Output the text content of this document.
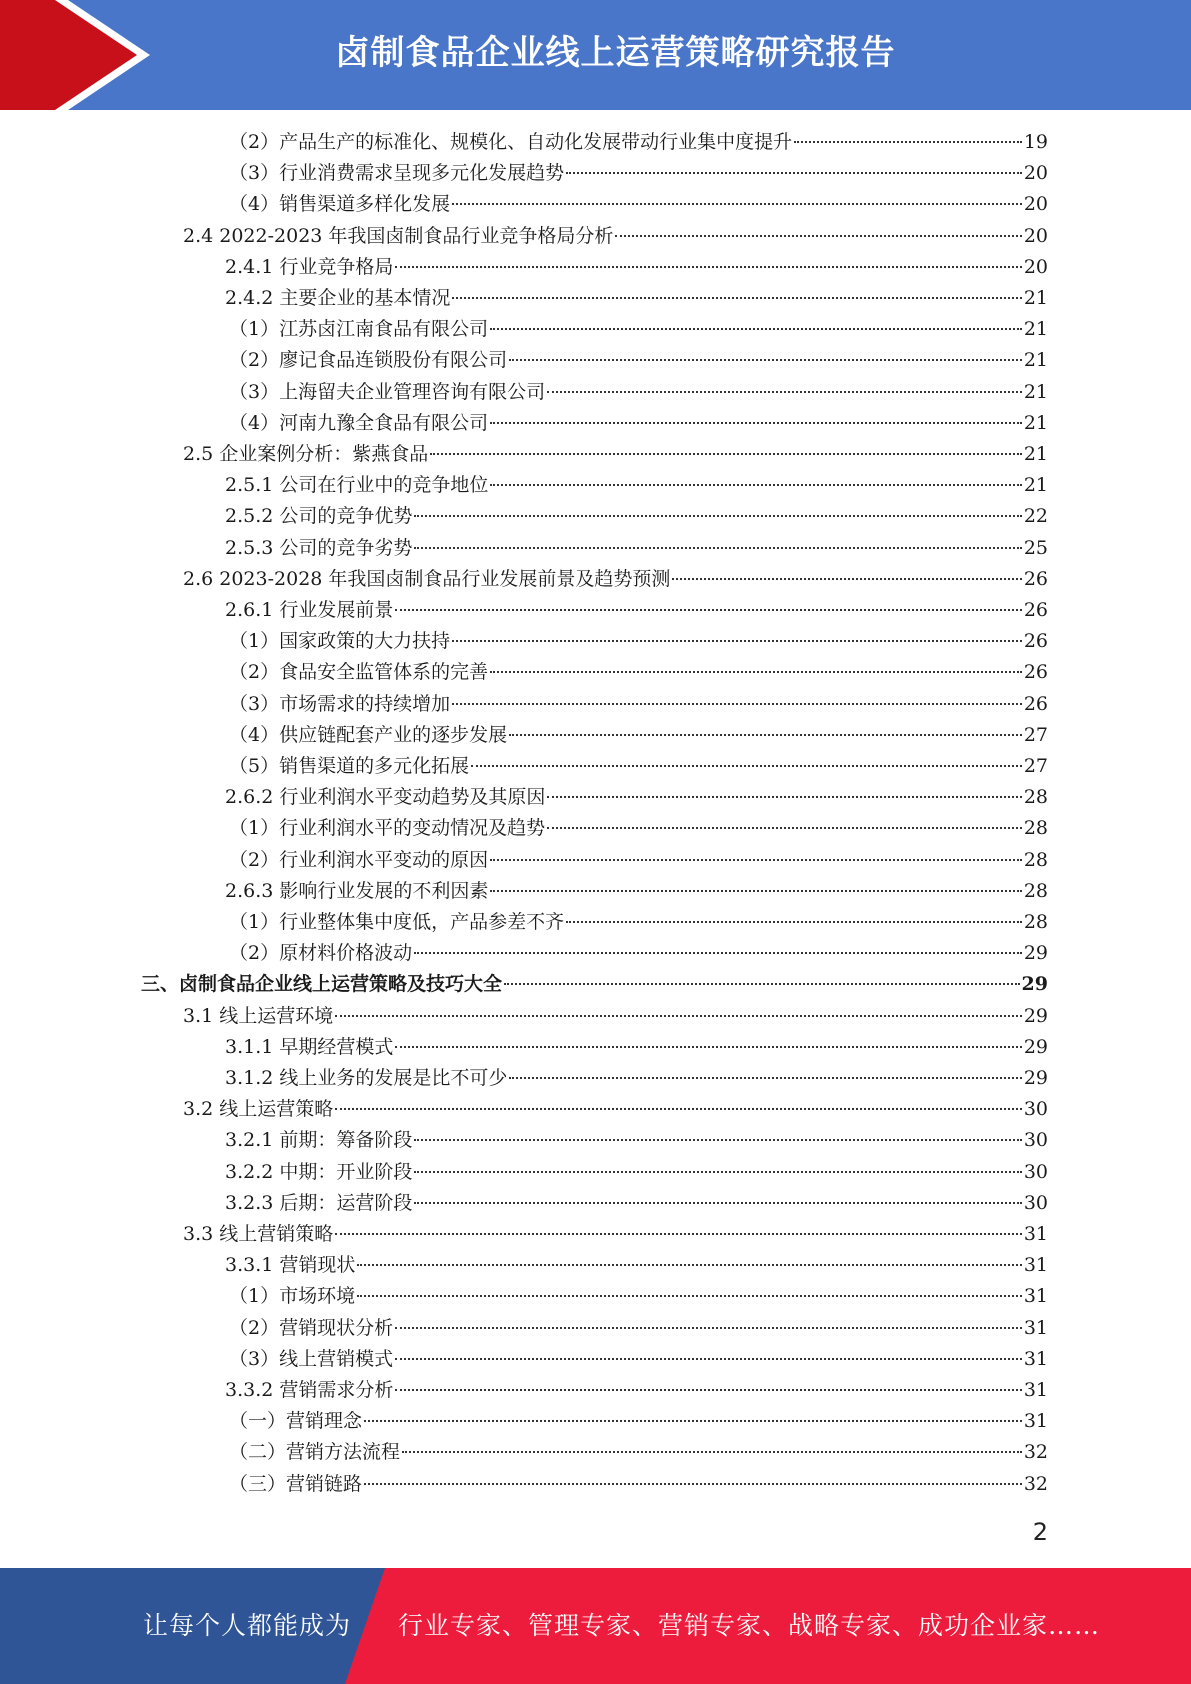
卤制食品企业线上运营策略研究报告
（2）产品生产的标准化、规模化、自动化发展带动行业集中度提升	19
（3）行业消费需求呈现多元化发展趋势	20
（4）销售渠道多样化发展	20
2.4 2022-2023 年我国卤制食品行业竞争格局分析	20
2.4.1 行业竞争格局	20
2.4.2 主要企业的基本情况	21
（1）江苏卤江南食品有限公司	21
（2）廖记食品连锁股份有限公司	21
（3）上海留夫企业管理咨询有限公司	21
（4）河南九豫全食品有限公司	21
2.5 企业案例分析：紫燕食品	21
2.5.1 公司在行业中的竞争地位	21
2.5.2 公司的竞争优势	22
2.5.3 公司的竞争劣势	25
2.6 2023-2028 年我国卤制食品行业发展前景及趋势预测	26
2.6.1 行业发展前景	26
（1）国家政策的大力扶持	26
（2）食品安全监管体系的完善	26
（3）市场需求的持续增加	26
（4）供应链配套产业的逐步发展	27
（5）销售渠道的多元化拓展	27
2.6.2 行业利润水平变动趋势及其原因	28
（1）行业利润水平的变动情况及趋势	28
（2）行业利润水平变动的原因	28
2.6.3 影响行业发展的不利因素	28
（1）行业整体集中度低，产品参差不齐	28
（2）原材料价格波动	29
三、卤制食品企业线上运营策略及技巧大全	29
3.1 线上运营环境	29
3.1.1 早期经营模式	29
3.1.2 线上业务的发展是比不可少	29
3.2 线上运营策略	30
3.2.1 前期：筹备阶段	30
3.2.2 中期：开业阶段	30
3.2.3 后期：运营阶段	30
3.3 线上营销策略	31
3.3.1 营销现状	31
（1）市场环境	31
（2）营销现状分析	31
（3）线上营销模式	31
3.3.2 营销需求分析	31
（一）营销理念	31
（二）营销方法流程	32
（三）营销链路	32
2
让每个人都能成为 行业专家、管理专家、营销专家、战略专家、成功企业家……
